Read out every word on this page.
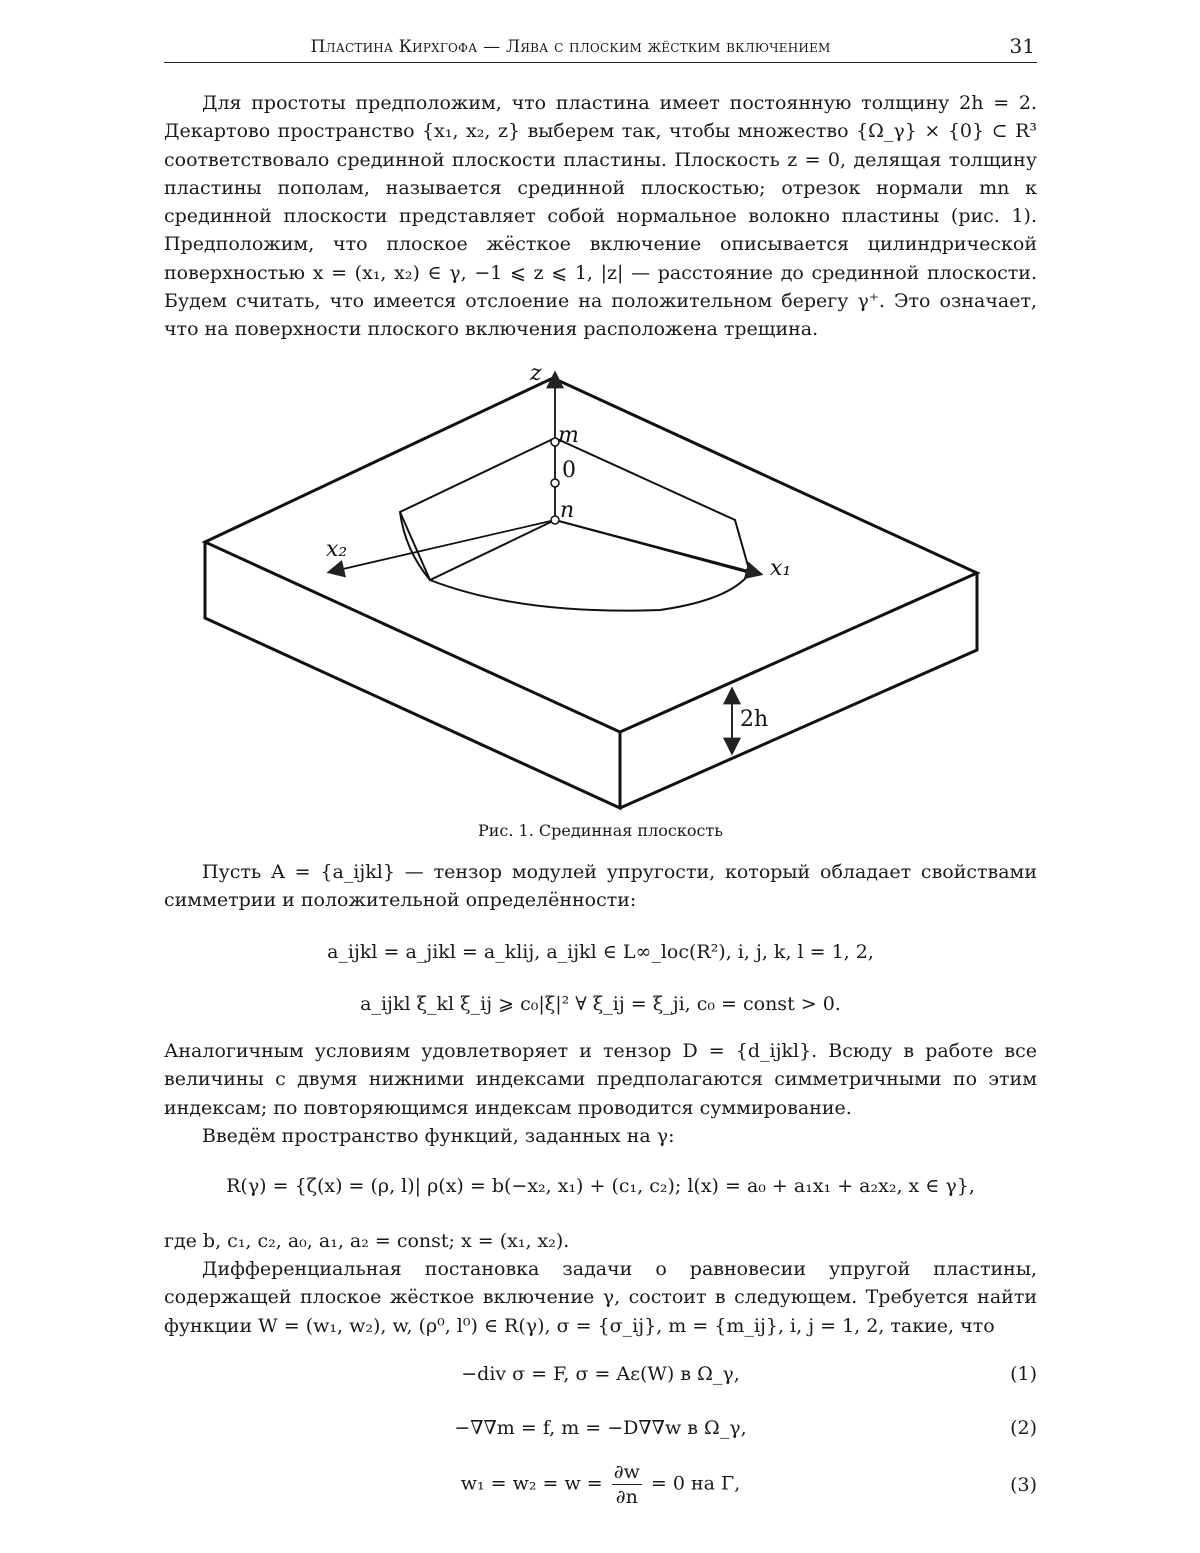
Пластина Кирхгофа — Лява с плоским жёстким включением	31
Для простоты предположим, что пластина имеет постоянную толщину 2h = 2. Декартово пространство {x₁, x₂, z} выберем так, чтобы множество {Ω_γ} × {0} ⊂ R³ соответствовало срединной плоскости пластины. Плоскость z = 0, делящая толщину пластины пополам, называется срединной плоскостью; отрезок нормали mn к срединной плоскости представляет собой нормальное волокно пластины (рис. 1). Предположим, что плоское жёсткое включение описывается цилиндрической поверхностью x = (x₁, x₂) ∈ γ, −1 ⩽ z ⩽ 1, |z| — расстояние до срединной плоскости. Будем считать, что имеется отслоение на положительном берегу γ⁺. Это означает, что на поверхности плоского включения расположена трещина.
z
m
0
n
x₂
x₁
2h
Рис. 1. Срединная плоскость
Пусть A = {a_ijkl} — тензор модулей упругости, который обладает свойствами симметрии и положительной определённости:
a_ijkl = a_jikl = a_klij, a_ijkl ∈ L∞_loc(R²), i, j, k, l = 1, 2,
a_ijkl ξ_kl ξ_ij ⩾ c₀|ξ|² ∀ ξ_ij = ξ_ji, c₀ = const > 0.
Аналогичным условиям удовлетворяет и тензор D = {d_ijkl}. Всюду в работе все величины с двумя нижними индексами предполагаются симметричными по этим индексам; по повторяющимся индексам проводится суммирование.
Введём пространство функций, заданных на γ:
R(γ) = {ζ(x) = (ρ, l)| ρ(x) = b(−x₂, x₁) + (c₁, c₂); l(x) = a₀ + a₁x₁ + a₂x₂, x ∈ γ},
где b, c₁, c₂, a₀, a₁, a₂ = const; x = (x₁, x₂).
Дифференциальная постановка задачи о равновесии упругой пластины, содержащей плоское жёсткое включение γ, состоит в следующем. Требуется найти функции W = (w₁, w₂), w, (ρ⁰, l⁰) ∈ R(γ), σ = {σ_ij}, m = {m_ij}, i, j = 1, 2, такие, что
−div σ = F, σ = Aε(W) в Ω_γ,	(1)
−∇∇m = f, m = −D∇∇w в Ω_γ,	(2)
$w_1 = w_2 = w = \frac{\partial w}{\partial n} = 0$ на Γ,	(3)
